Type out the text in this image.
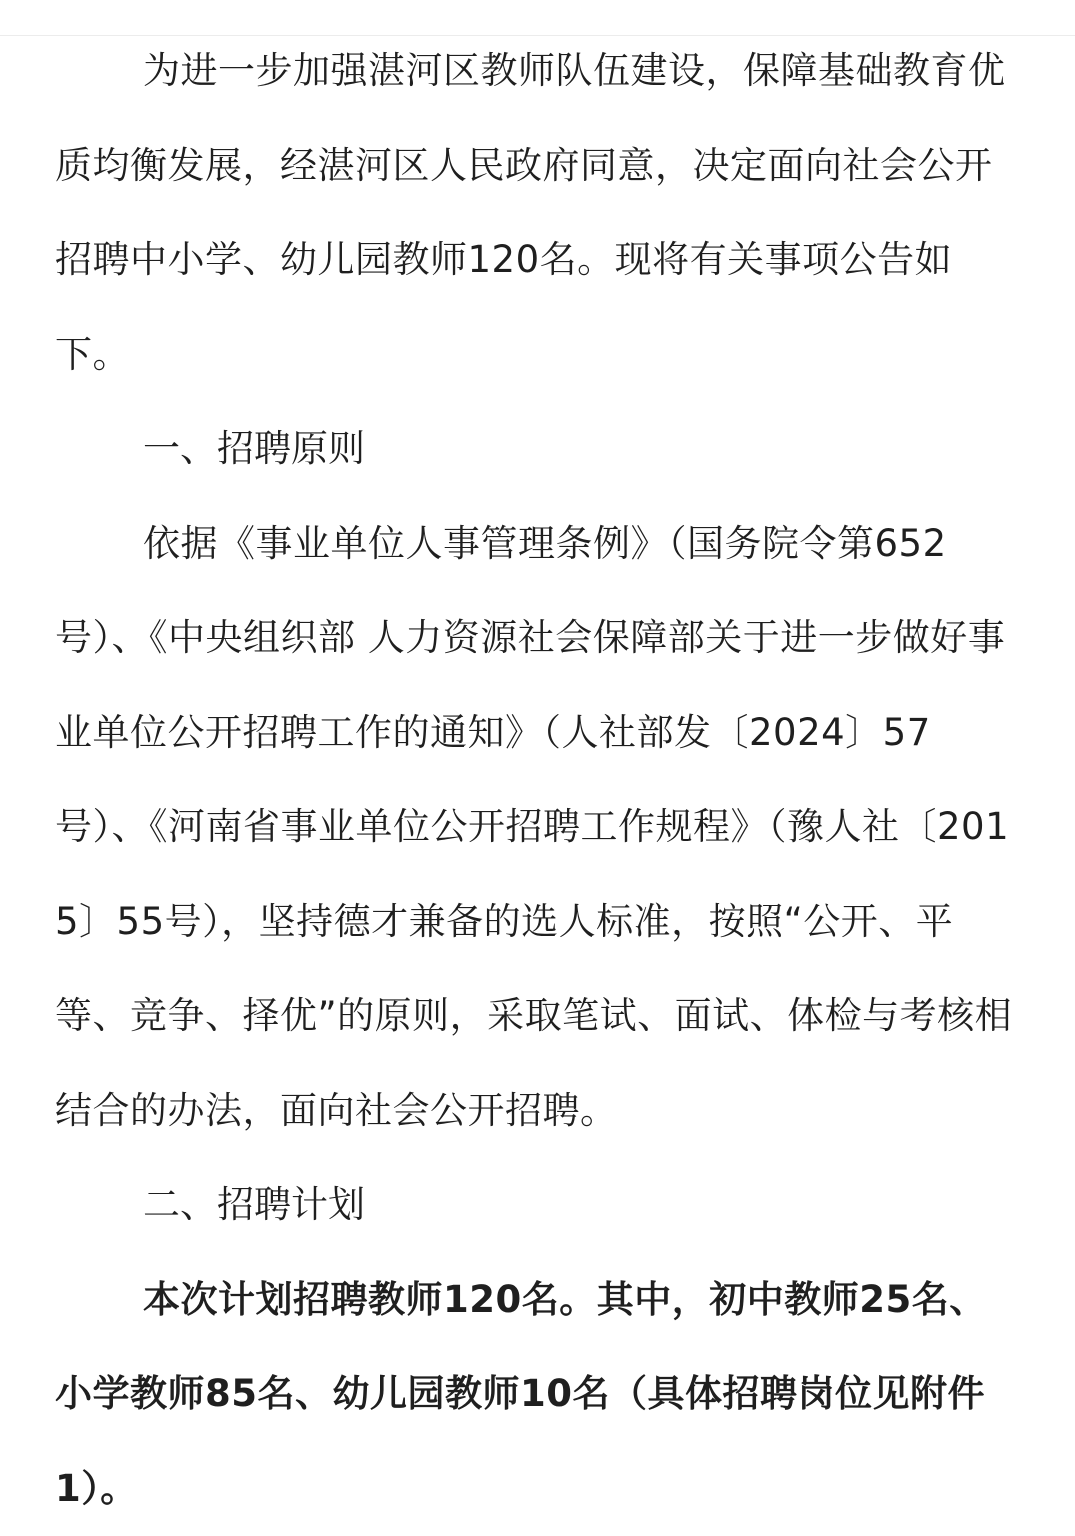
为进一步加强湛河区教师队伍建设，保障基础教育优质均衡发展，经湛河区人民政府同意，决定面向社会公开招聘中小学、幼儿园教师120名。现将有关事项公告如下。

一、招聘原则

依据《事业单位人事管理条例》（国务院令第652号）、《中央组织部 人力资源社会保障部关于进一步做好事业单位公开招聘工作的通知》（人社部发〔2024〕57号）、《河南省事业单位公开招聘工作规程》（豫人社〔2015〕55号），坚持德才兼备的选人标准，按照“公开、平等、竞争、择优”的原则，采取笔试、面试、体检与考核相结合的办法，面向社会公开招聘。

二、招聘计划

本次计划招聘教师120名。其中，初中教师25名、小学教师85名、幼儿园教师10名（具体招聘岗位见附件1）。
